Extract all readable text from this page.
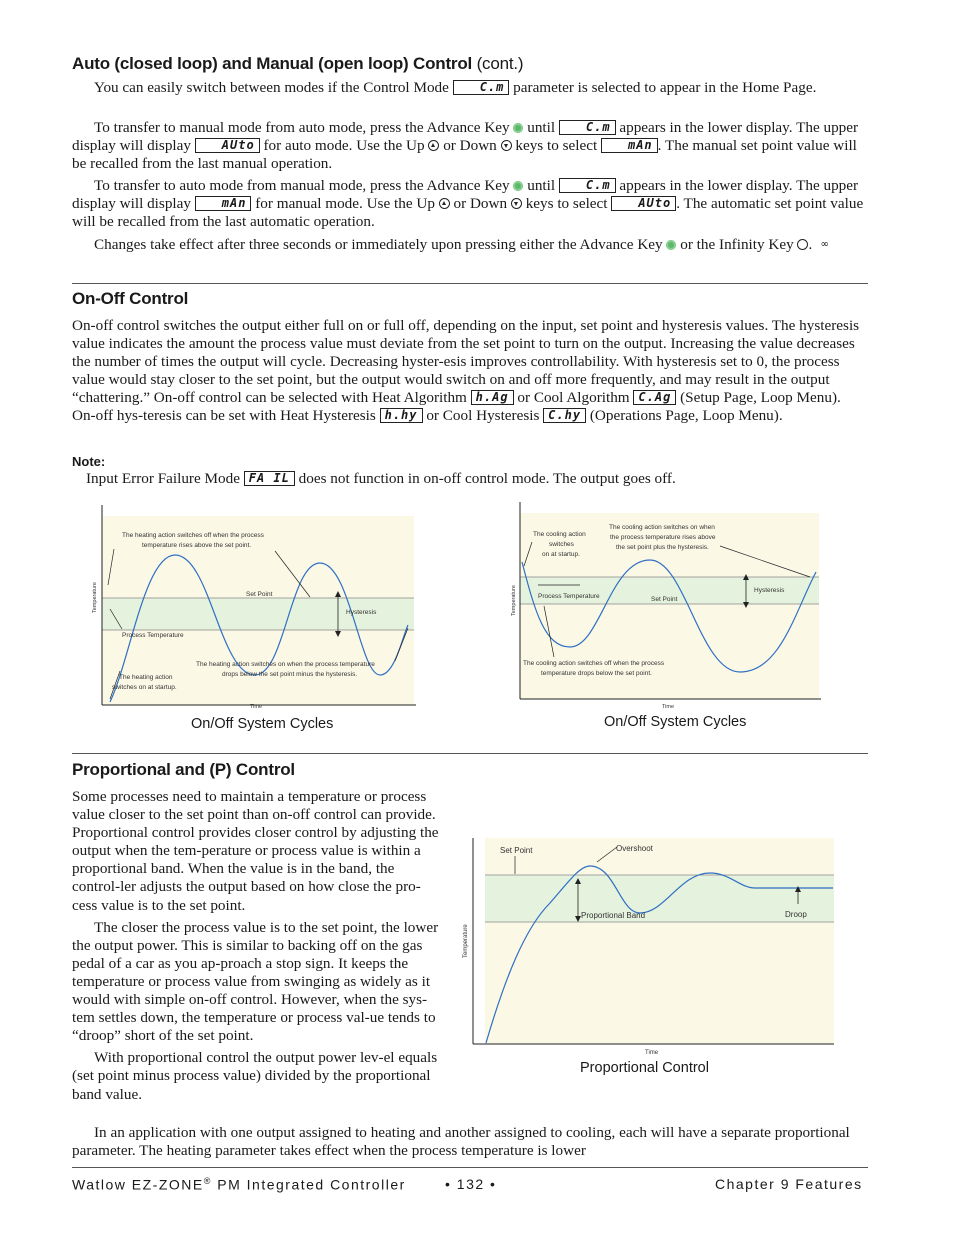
Auto (closed loop) and Manual (open loop) Control (cont.)
You can easily switch between modes if the Control Mode C.m parameter is selected to appear in the Home Page.
To transfer to manual mode from auto mode, press the Advance Key  until C.m appears in the lower display. The upper display will display AUto for auto mode. Use the Up  or Down  keys to select mAn . The manual set point value will be recalled from the last manual operation.
To transfer to auto mode from manual mode, press the Advance Key  until C.m appears in the lower display. The upper display will display mAn for manual mode. Use the Up  or Down  keys to select AUto . The automatic set point value will be recalled from the last automatic operation.
Changes take effect after three seconds or immediately upon pressing either the Advance Key  or the Infinity Key ∞
On-Off Control
On-off control switches the output either full on or full off, depending on the input, set point and hysteresis values. The hysteresis value indicates the amount the process value must deviate from the set point to turn on the output. Increasing the value decreases the number of times the output will cycle. Decreasing hyster-esis improves controllability. With hysteresis set to 0, the process value would stay closer to the set point, but the output would switch on and off more frequently, and may result in the output “chattering.” On-off control can be selected with Heat Algorithm h.Ag or Cool Algorithm C.Ag (Setup Page, Loop Menu). On-off hys-teresis can be set with Heat Hysteresis h.hy or Cool Hysteresis C.hy (Operations Page, Loop Menu).
Note:
Input Error Failure Mode FA IL does not function in on-off control mode. The output goes off.
The heating action switches off when the process
temperature rises above the set point.
Set Point
Hysteresis
Process Temperature
The heating action switches on when the process temperature
drops below the set point minus the hysteresis.
The heating action
switches on at startup.
Time
Temperature
On/Off System Cycles
The cooling action
switches
on at startup.
The cooling action switches on when
the process temperature rises above
the set point plus the hysteresis.
Process Temperature	Set Point
Hysteresis
The cooling action switches off when the process
temperature drops below the set point.
Time
Temperature
On/Off System Cycles
Proportional and (P) Control
Some processes need to maintain a temperature or process value closer to the set point than on-off control can provide. Proportional control provides closer control by adjusting the output when the tem-perature or process value is within a proportional band. When the value is in the band, the control-ler adjusts the output based on how close the pro-cess value is to the set point.
The closer the process value is to the set point, the lower the output power. This is similar to backing off on the gas pedal of a car as you ap-proach a stop sign. It keeps the temperature or process value from swinging as widely as it would with simple on-off control. However, when the sys-tem settles down, the temperature or process val-ue tends to “droop” short of the set point.
With proportional control the output power lev-el equals (set point minus process value) divided by the proportional band value.
Set Point	Overshoot
Proportional Band	Droop
Time
Temperature
Proportional Control
In an application with one output assigned to heating and another assigned to cooling, each will have a separate proportional parameter. The heating parameter takes effect when the process temperature is lower
Watlow EZ-ZONE® PM Integrated Controller	• 132 •	Chapter 9 Features
